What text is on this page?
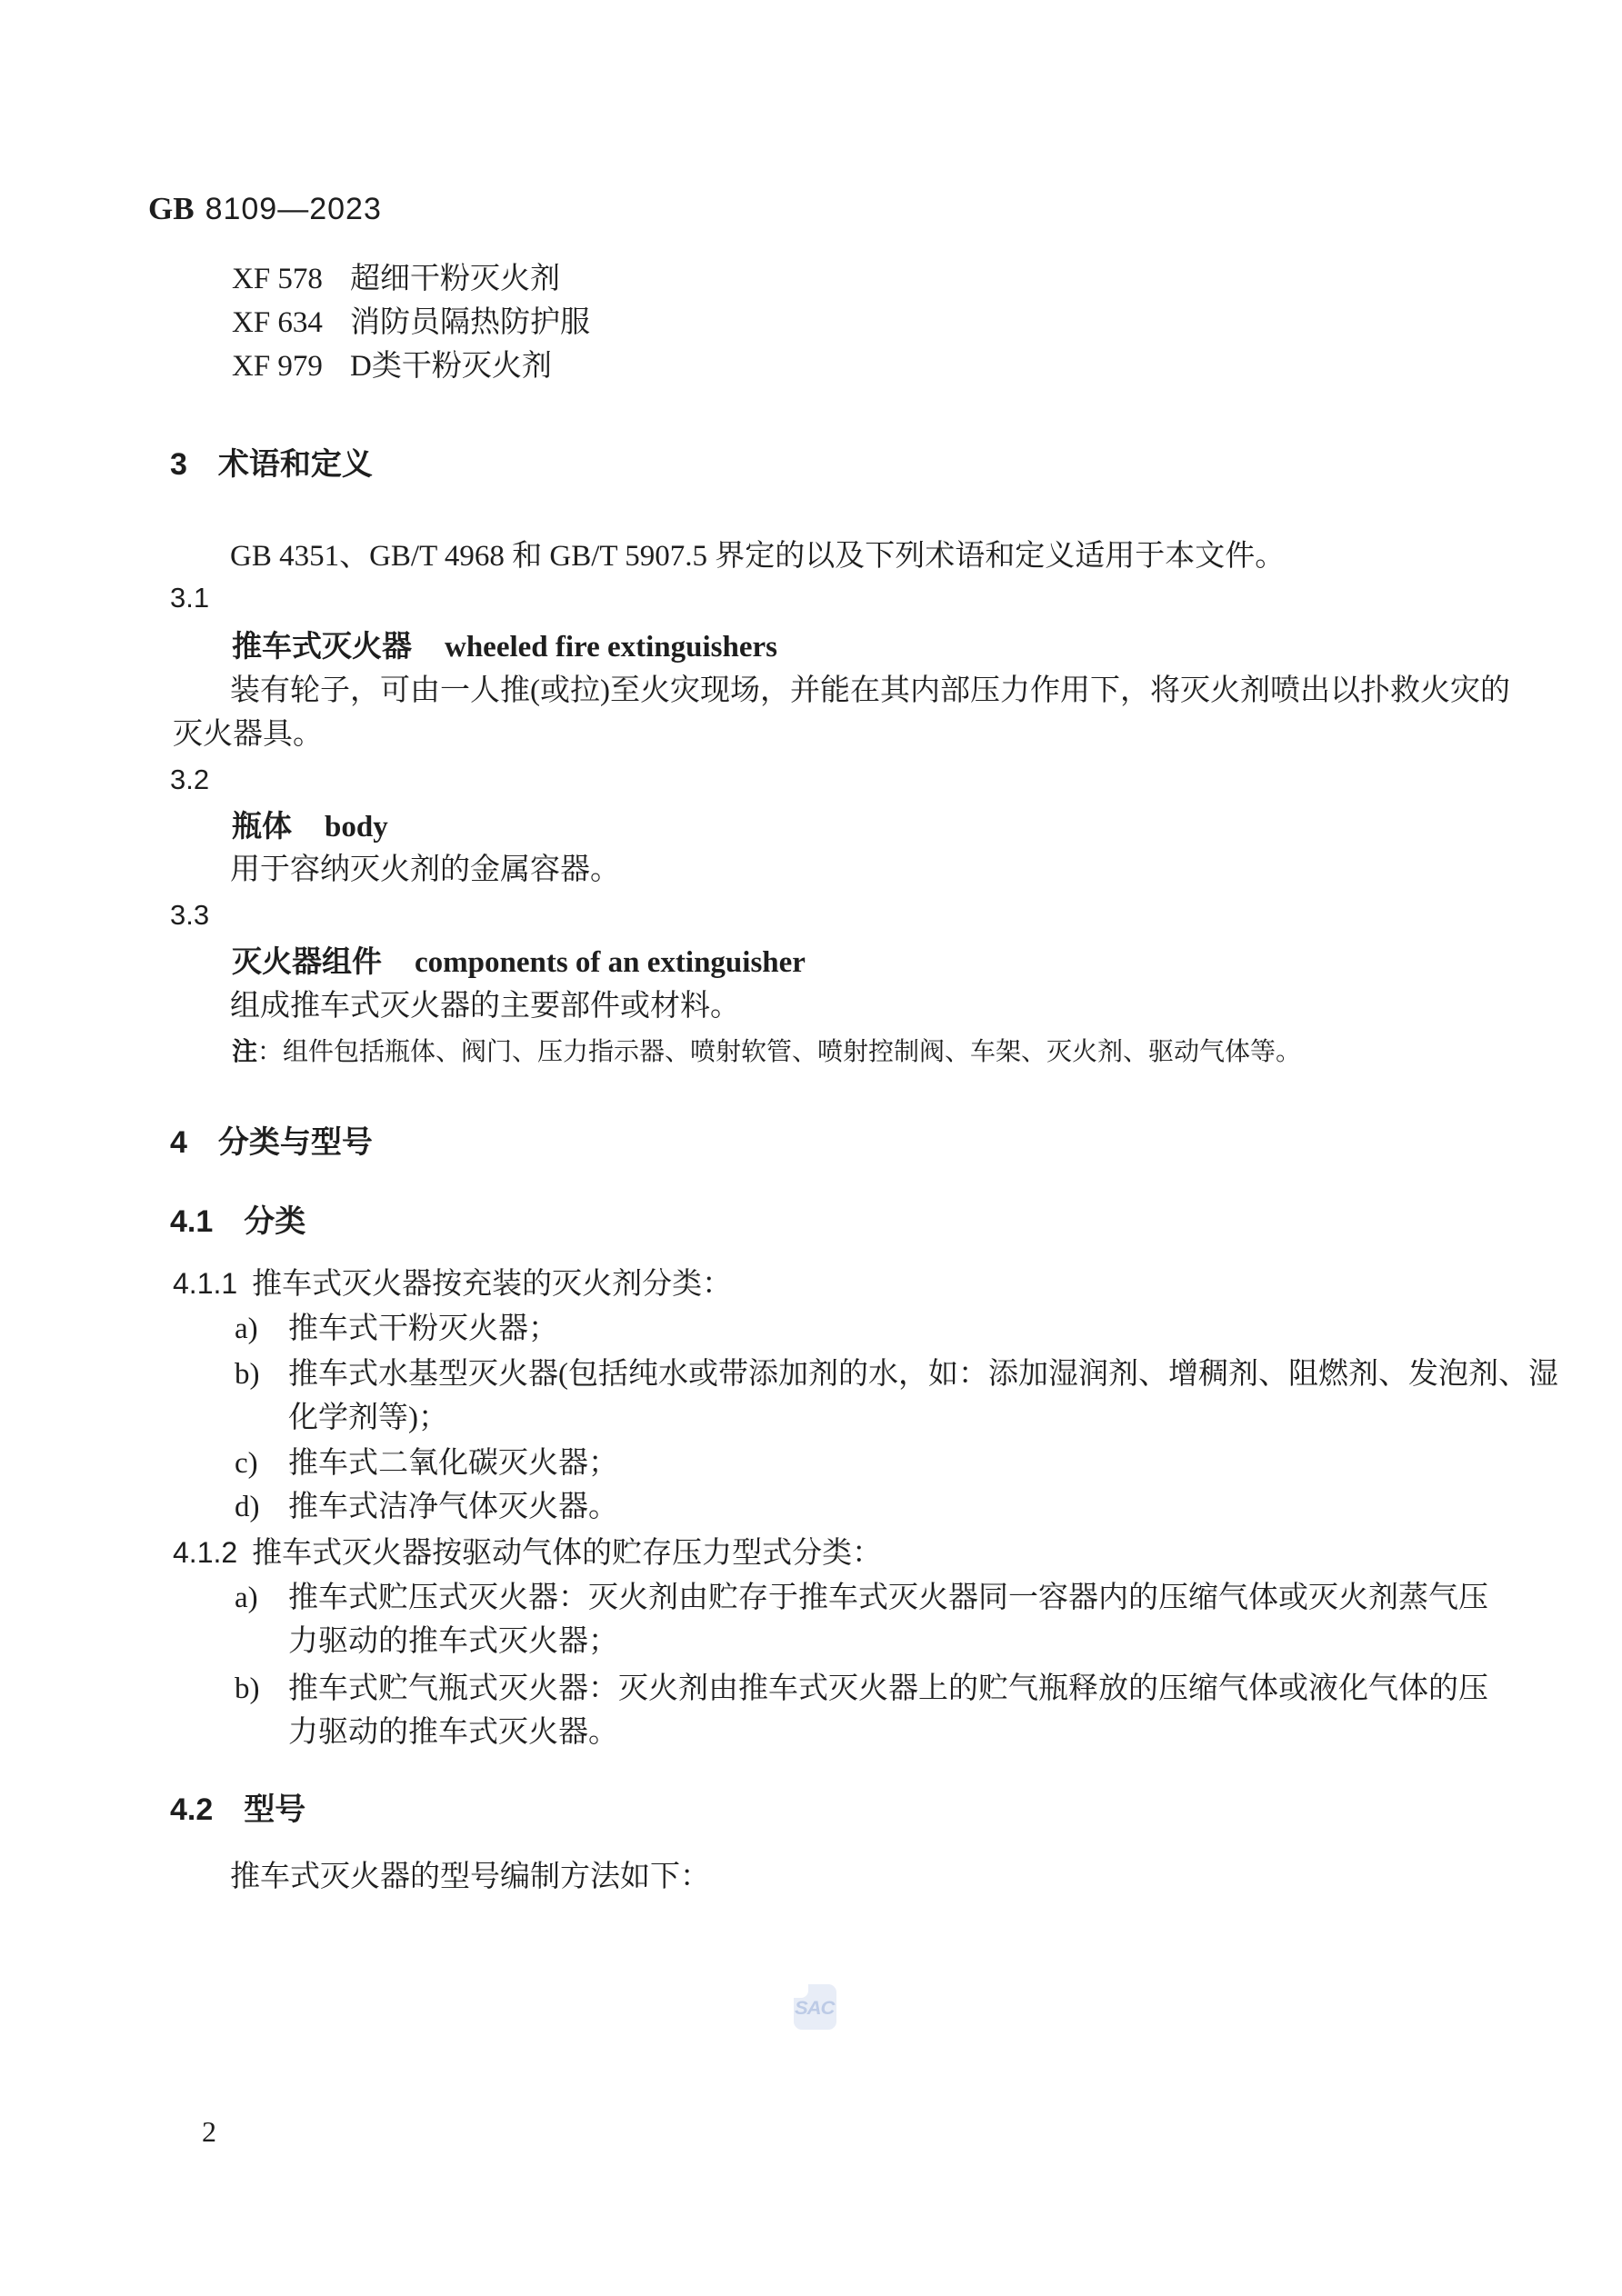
GB 8109—2023
XF 578 超细干粉灭火剂
XF 634 消防员隔热防护服
XF 979 D类干粉灭火剂
3 术语和定义
GB 4351、GB/T 4968 和 GB/T 5907.5 界定的以及下列术语和定义适用于本文件。
3.1
推车式灭火器 wheeled fire extinguishers
装有轮子，可由一人推(或拉)至火灾现场，并能在其内部压力作用下，将灭火剂喷出以扑救火灾的
灭火器具。
3.2
瓶体 body
用于容纳灭火剂的金属容器。
3.3
灭火器组件 components of an extinguisher
组成推车式灭火器的主要部件或材料。
注：组件包括瓶体、阀门、压力指示器、喷射软管、喷射控制阀、车架、灭火剂、驱动气体等。
4 分类与型号
4.1 分类
4.1.1 推车式灭火器按充装的灭火剂分类：
a) 推车式干粉灭火器；
b) 推车式水基型灭火器(包括纯水或带添加剂的水，如：添加湿润剂、增稠剂、阻燃剂、发泡剂、湿
化学剂等)；
c) 推车式二氧化碳灭火器；
d) 推车式洁净气体灭火器。
4.1.2 推车式灭火器按驱动气体的贮存压力型式分类：
a) 推车式贮压式灭火器：灭火剂由贮存于推车式灭火器同一容器内的压缩气体或灭火剂蒸气压
力驱动的推车式灭火器；
b) 推车式贮气瓶式灭火器：灭火剂由推车式灭火器上的贮气瓶释放的压缩气体或液化气体的压
力驱动的推车式灭火器。
4.2 型号
推车式灭火器的型号编制方法如下：
SAC
2
